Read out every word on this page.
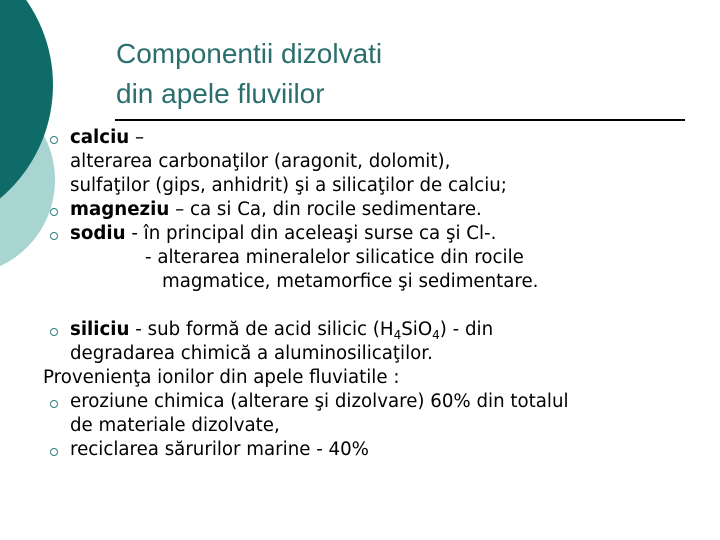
Componentii dizolvati
din apele fluviilor
calciu –
alterarea carbonaţilor (aragonit, dolomit),
sulfaţilor (gips, anhidrit) şi a silicaţilor de calciu;
magneziu – ca si Ca, din rocile sedimentare.
sodiu - în principal din aceleaşi surse ca şi Cl-.
- alterarea mineralelor silicatice din rocile
magmatice, metamorfice şi sedimentare.
siliciu - sub formă de acid silicic $(H_4SiO_4)$ - din
degradarea chimică a aluminosilicaţilor.
Provenienţa ionilor din apele fluviatile :
eroziune chimica (alterare şi dizolvare) 60% din totalul
de materiale dizolvate,
reciclarea sărurilor marine - 40%
